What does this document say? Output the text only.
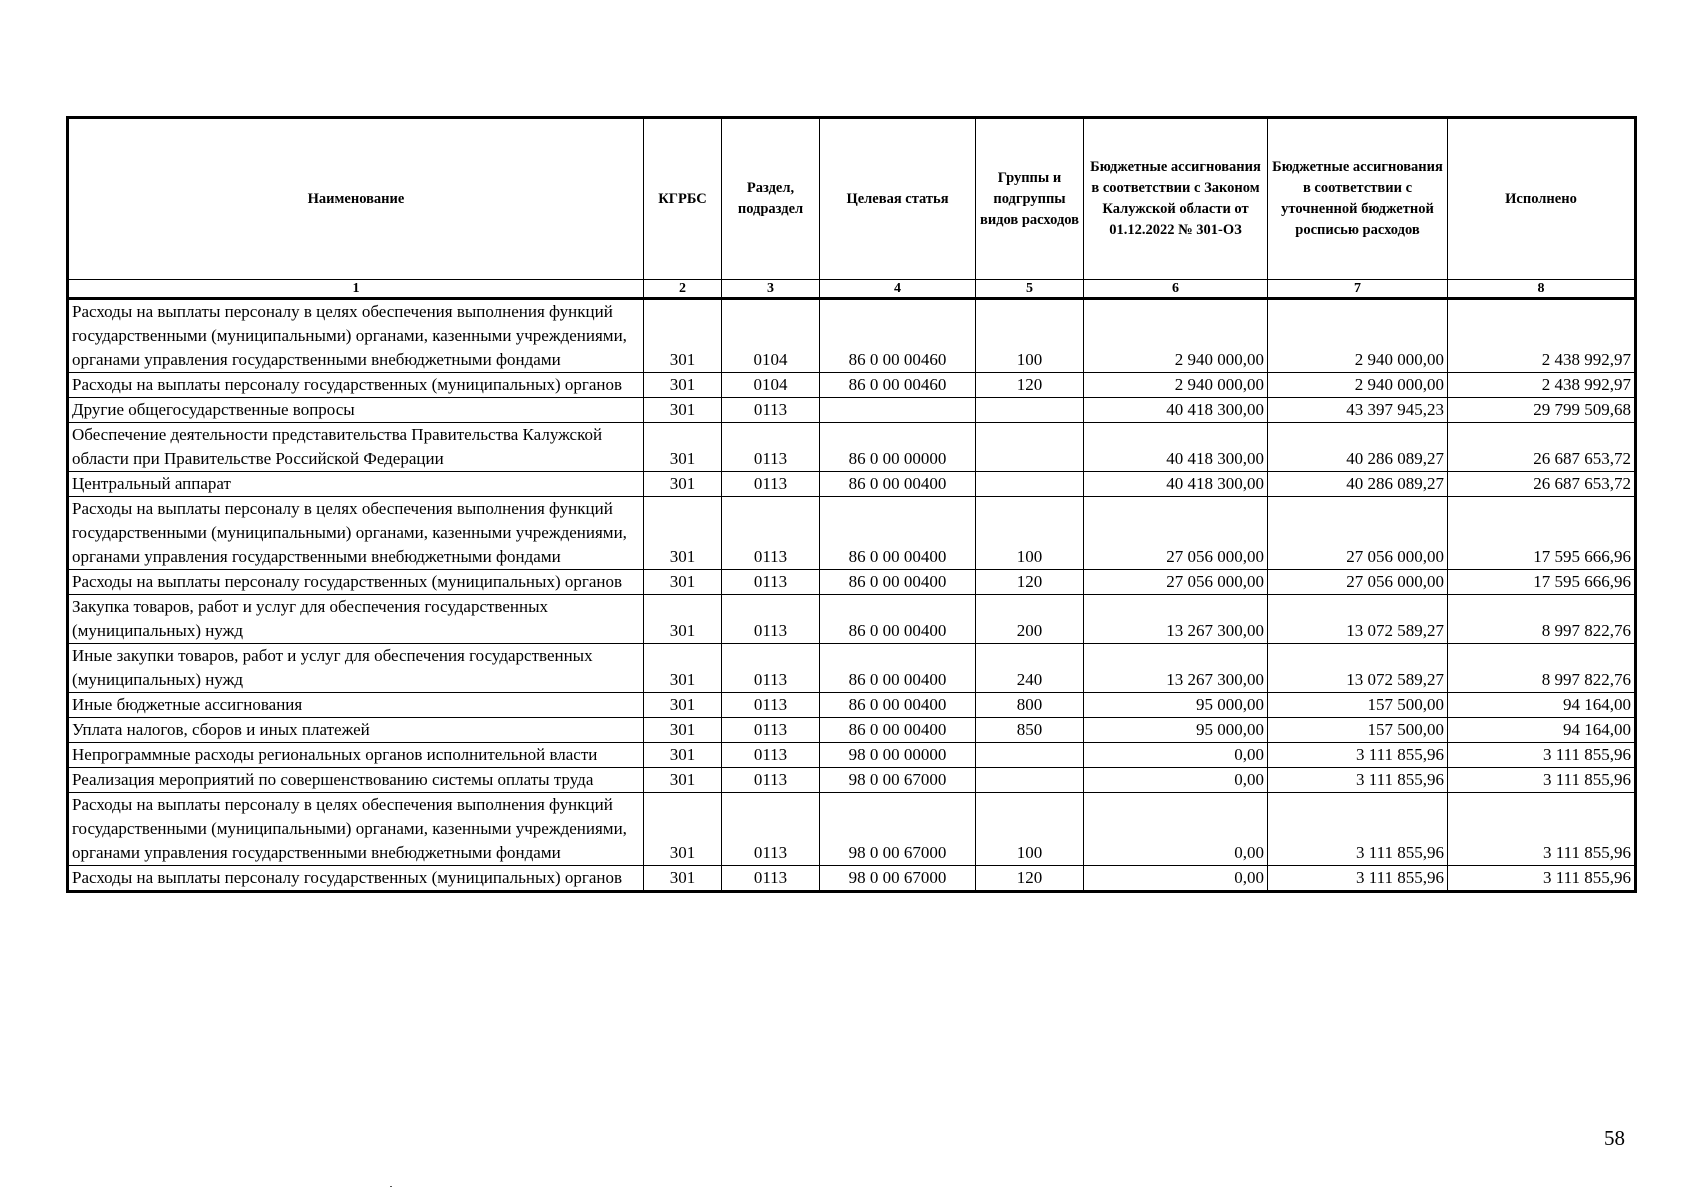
Наименование	КГРБС	Раздел, подраздел	Целевая статья	Группы и подгруппы видов расходов	Бюджетные ассигнования в соответствии с Законом Калужской области от 01.12.2022 № 301-ОЗ	Бюджетные ассигнования в соответствии с уточненной бюджетной росписью расходов	Исполнено
1	2	3	4	5	6	7	8
Расходы на выплаты персоналу в целях обеспечения выполнения функций государственными (муниципальными) органами, казенными учреждениями, органами управления государственными внебюджетными фондами	301	0104	86 0 00 00460	100	2 940 000,00	2 940 000,00	2 438 992,97
Расходы на выплаты персоналу государственных (муниципальных) органов	301	0104	86 0 00 00460	120	2 940 000,00	2 940 000,00	2 438 992,97
Другие общегосударственные вопросы	301	0113			40 418 300,00	43 397 945,23	29 799 509,68
Обеспечение деятельности представительства Правительства Калужской области при Правительстве Российской Федерации	301	0113	86 0 00 00000		40 418 300,00	40 286 089,27	26 687 653,72
Центральный аппарат	301	0113	86 0 00 00400		40 418 300,00	40 286 089,27	26 687 653,72
Расходы на выплаты персоналу в целях обеспечения выполнения функций государственными (муниципальными) органами, казенными учреждениями, органами управления государственными внебюджетными фондами	301	0113	86 0 00 00400	100	27 056 000,00	27 056 000,00	17 595 666,96
Расходы на выплаты персоналу государственных (муниципальных) органов	301	0113	86 0 00 00400	120	27 056 000,00	27 056 000,00	17 595 666,96
Закупка товаров, работ и услуг для обеспечения государственных (муниципальных) нужд	301	0113	86 0 00 00400	200	13 267 300,00	13 072 589,27	8 997 822,76
Иные закупки товаров, работ и услуг для обеспечения государственных (муниципальных) нужд	301	0113	86 0 00 00400	240	13 267 300,00	13 072 589,27	8 997 822,76
Иные бюджетные ассигнования	301	0113	86 0 00 00400	800	95 000,00	157 500,00	94 164,00
Уплата налогов, сборов и иных платежей	301	0113	86 0 00 00400	850	95 000,00	157 500,00	94 164,00
Непрограммные расходы региональных органов исполнительной власти	301	0113	98 0 00 00000		0,00	3 111 855,96	3 111 855,96
Реализация мероприятий по совершенствованию системы оплаты труда	301	0113	98 0 00 67000		0,00	3 111 855,96	3 111 855,96
Расходы на выплаты персоналу в целях обеспечения выполнения функций государственными (муниципальными) органами, казенными учреждениями, органами управления государственными внебюджетными фондами	301	0113	98 0 00 67000	100	0,00	3 111 855,96	3 111 855,96
Расходы на выплаты персоналу государственных (муниципальных) органов	301	0113	98 0 00 67000	120	0,00	3 111 855,96	3 111 855,96
58
